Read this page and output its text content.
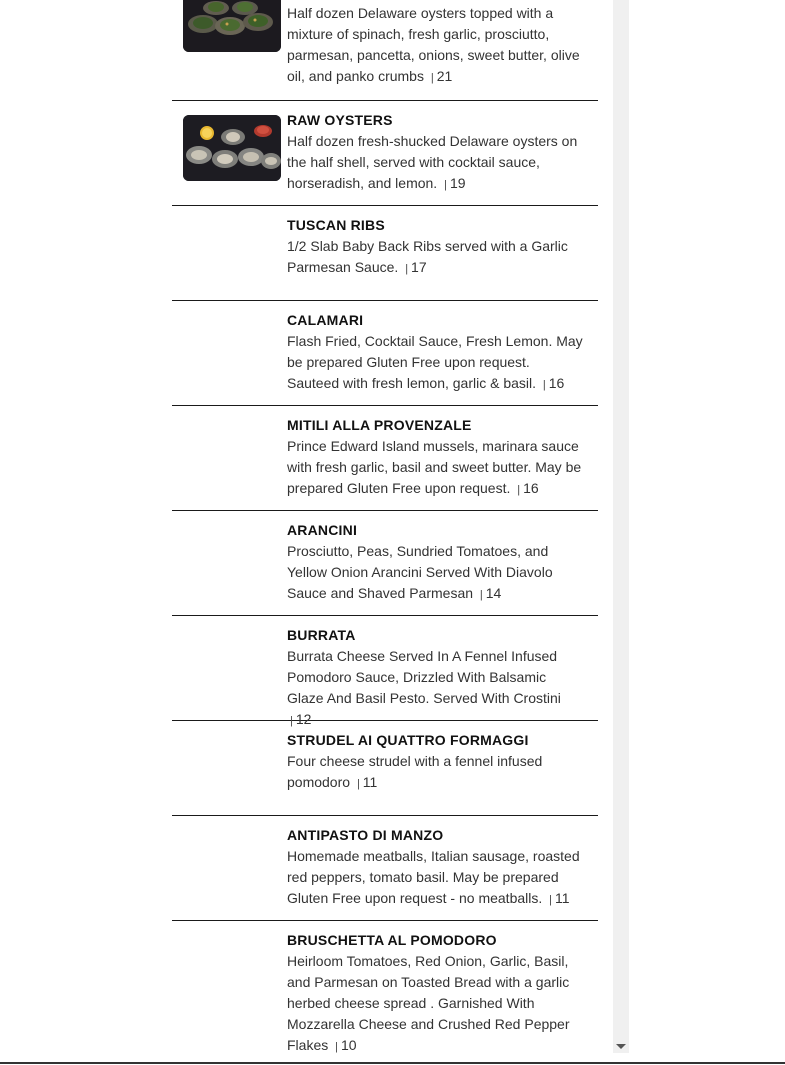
Half dozen Delaware oysters topped with a mixture of spinach, fresh garlic, prosciutto, parmesan, pancetta, onions, sweet butter, olive oil, and panko crumbs | 21

RAW OYSTERS

Half dozen fresh-shucked Delaware oysters on the half shell, served with cocktail sauce, horseradish, and lemon. | 19

TUSCAN RIBS

1/2 Slab Baby Back Ribs served with a Garlic Parmesan Sauce. | 17

CALAMARI

Flash Fried, Cocktail Sauce, Fresh Lemon. May be prepared Gluten Free upon request. Sauteed with fresh lemon, garlic & basil. | 16

MITILI ALLA PROVENZALE

Prince Edward Island mussels, marinara sauce with fresh garlic, basil and sweet butter. May be prepared Gluten Free upon request. | 16

ARANCINI

Prosciutto, Peas, Sundried Tomatoes, and Yellow Onion Arancini Served With Diavolo Sauce and Shaved Parmesan | 14

BURRATA

Burrata Cheese Served In A Fennel Infused Pomodoro Sauce, Drizzled With Balsamic Glaze And Basil Pesto. Served With Crostini | 12

STRUDEL AI QUATTRO FORMAGGI

Four cheese strudel with a fennel infused pomodoro | 11

ANTIPASTO DI MANZO

Homemade meatballs, Italian sausage, roasted red peppers, tomato basil. May be prepared Gluten Free upon request - no meatballs. | 11

BRUSCHETTA AL POMODORO

Heirloom Tomatoes, Red Onion, Garlic, Basil, and Parmesan on Toasted Bread with a garlic herbed cheese spread . Garnished With Mozzarella Cheese and Crushed Red Pepper Flakes | 10
